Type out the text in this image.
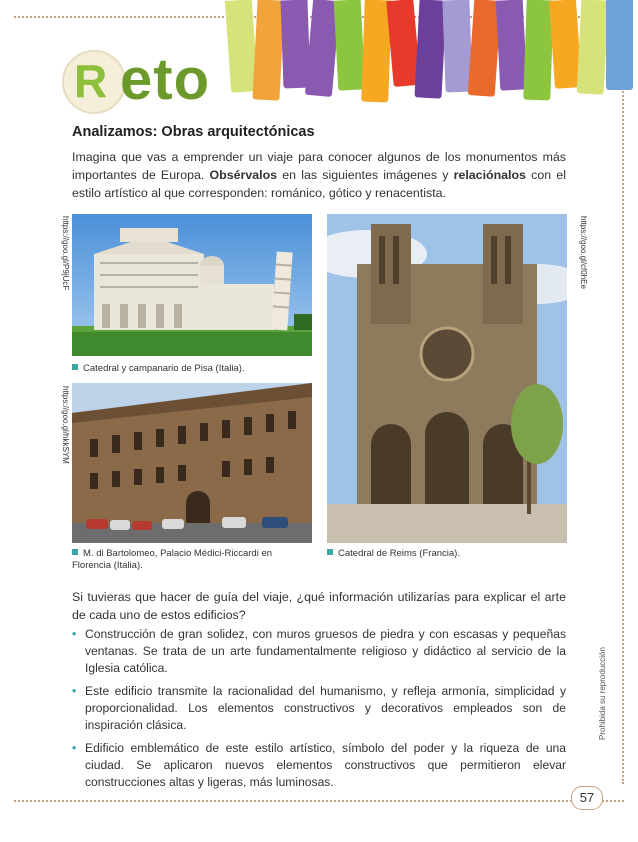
R eto
Analizamos: Obras arquitectónicas

Imagina que vas a emprender un viaje para conocer algunos de los monumentos más importantes de Europa. Obsérvalos en las siguientes imágenes y relaciónalos con el estilo artístico al que corresponden: románico, gótico y renacentista.

https://goo.gl/P9jUcF
Catedral y campanario de Pisa (Italia).
https://goo.gl/hkkSYM
M. di Bartolomeo, Palacio Médici-Riccardi en Florencia (Italia).
https://goo.gl/cf0hEe
Catedral de Reims (Francia).

Si tuvieras que hacer de guía del viaje, ¿qué información utilizarías para explicar el arte de cada uno de estos edificios?

• Construcción de gran solidez, con muros gruesos de piedra y con escasas y pequeñas ventanas. Se trata de un arte fundamentalmente religioso y didáctico al servicio de la Iglesia católica.
• Este edificio transmite la racionalidad del humanismo, y refleja armonía, simplicidad y proporcionalidad. Los elementos constructivos y decorativos empleados son de inspiración clásica.
• Edificio emblemático de este estilo artístico, símbolo del poder y la riqueza de una ciudad. Se aplicaron nuevos elementos constructivos que permitieron elevar construcciones altas y ligeras, más luminosas.
Prohibida su reproducción
57
